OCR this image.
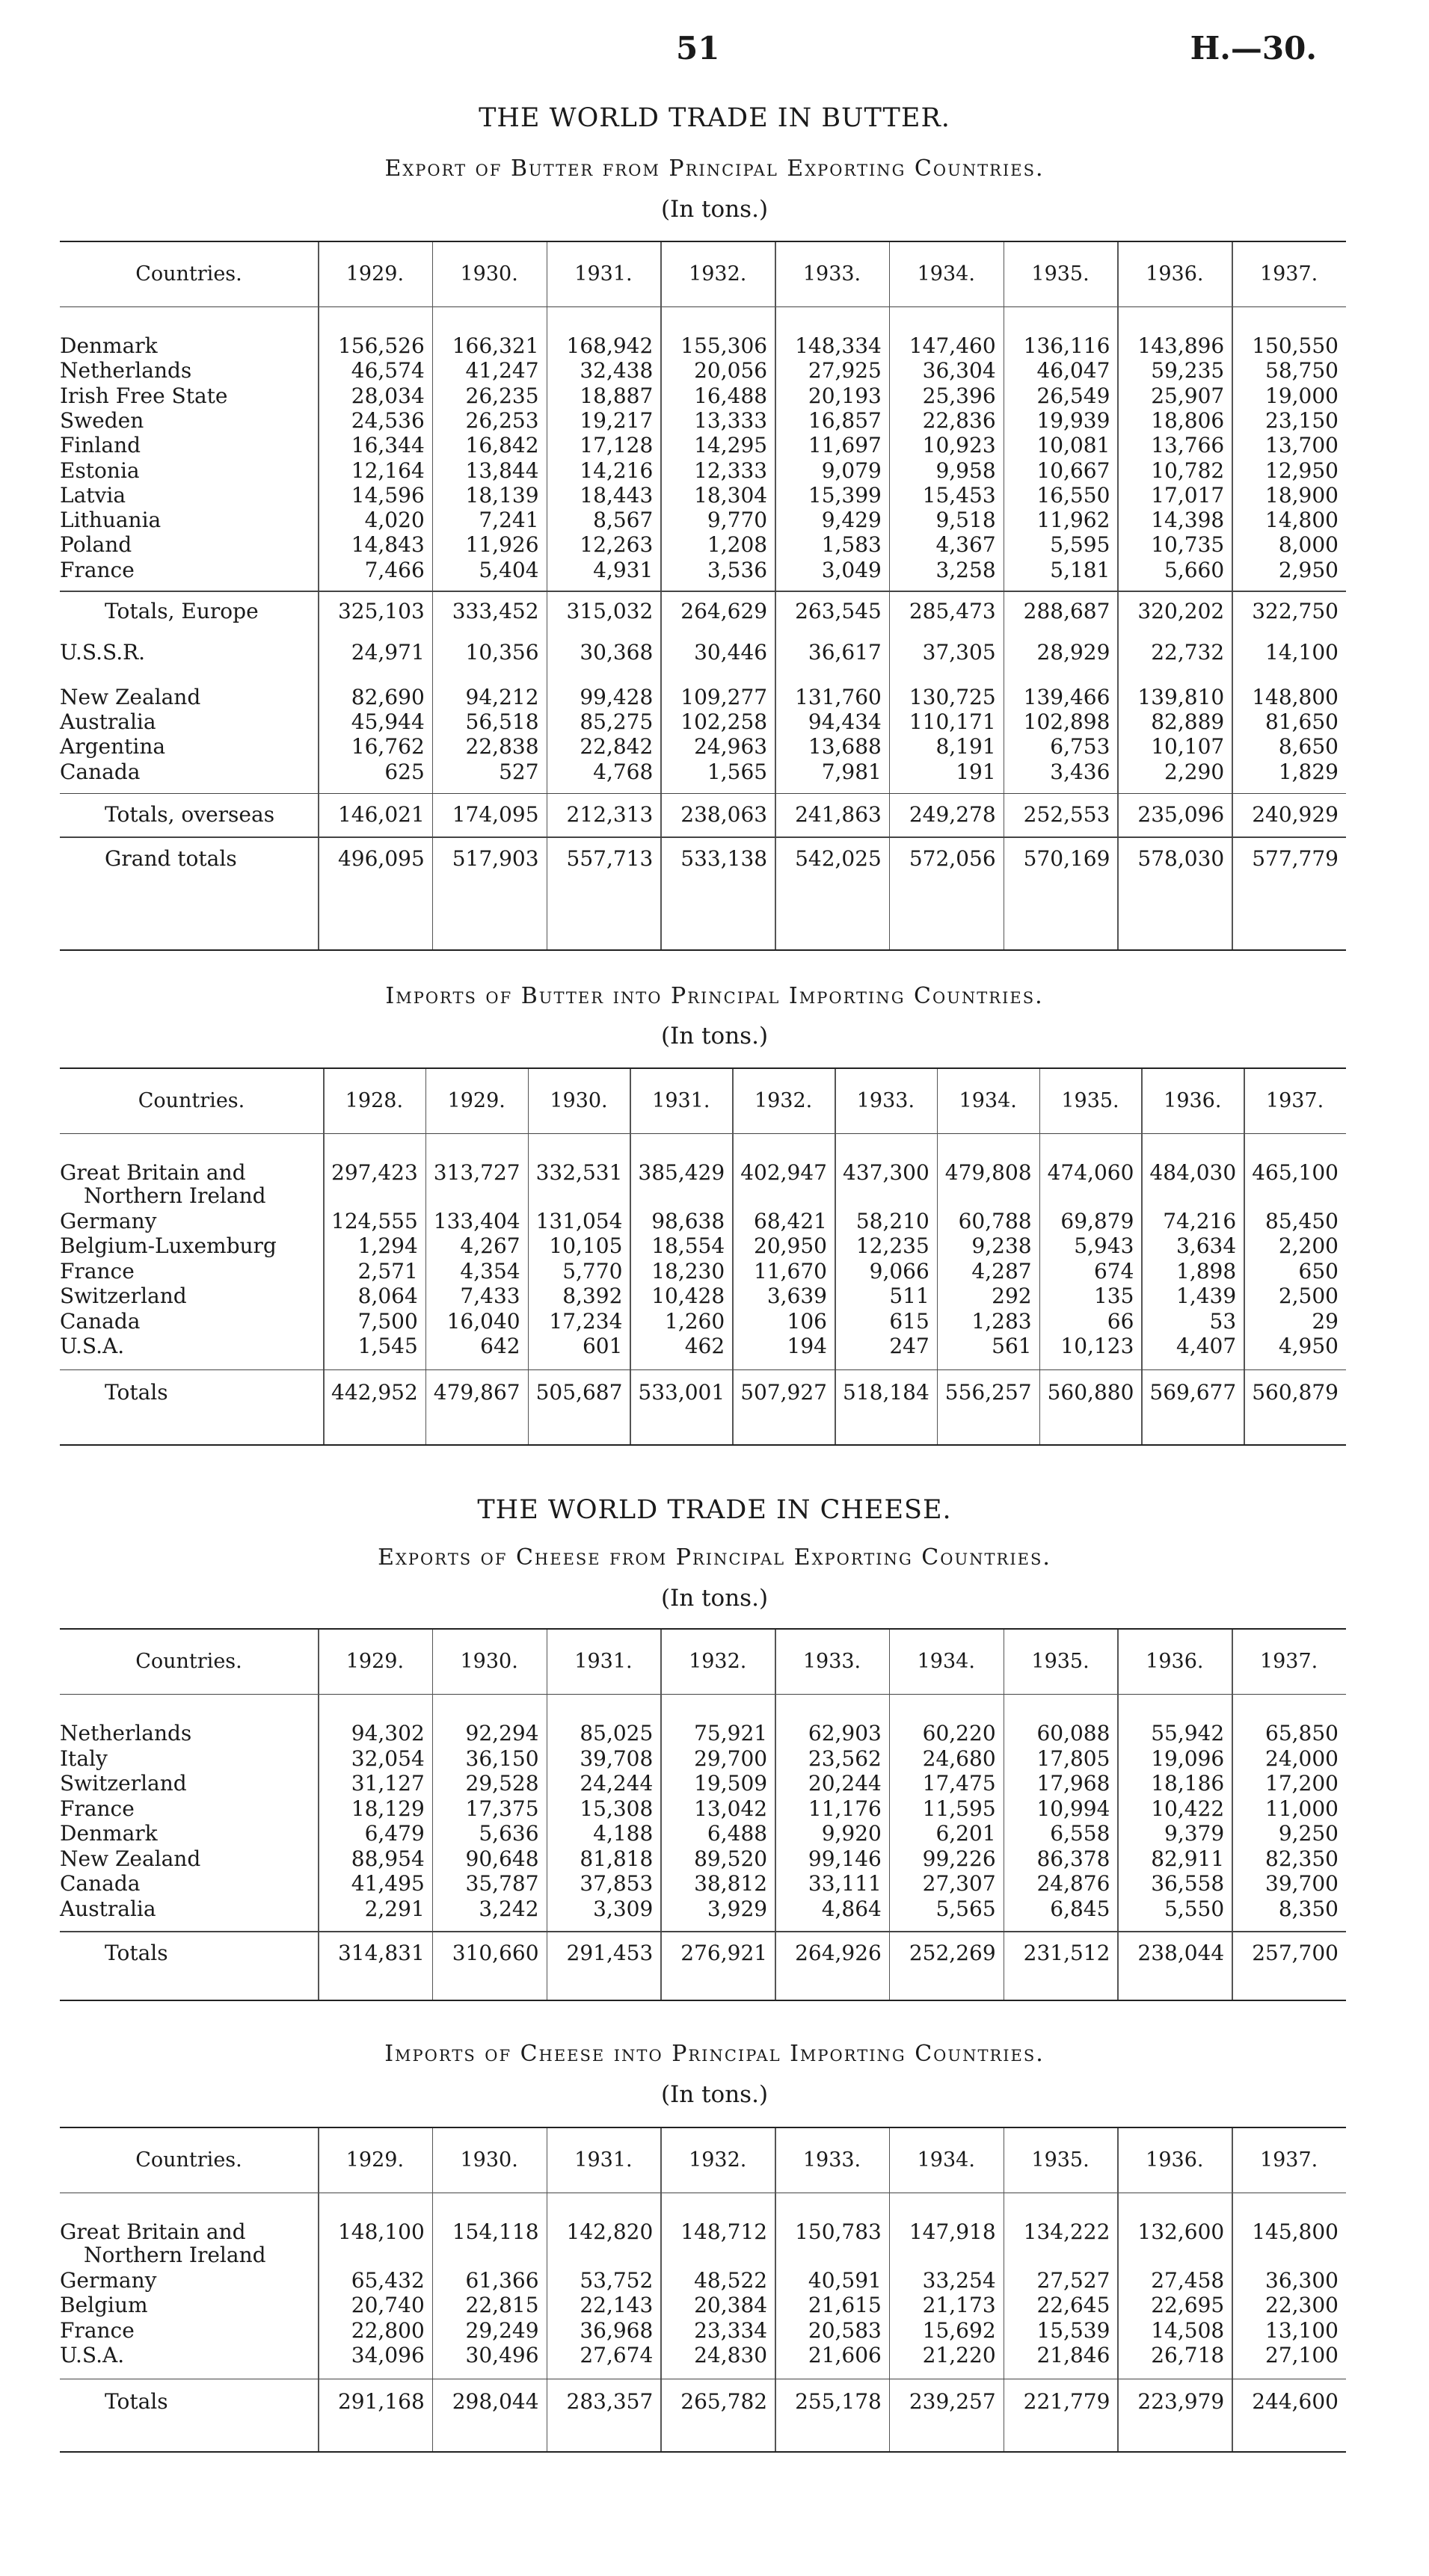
51	H.—30.
THE WORLD TRADE IN BUTTER.
Export of Butter from Principal Exporting Countries.
(In tons.)
Countries.	1929.	1930.	1931.	1932.	1933.	1934.	1935.	1936.	1937.
Denmark	156,526	166,321	168,942	155,306	148,334	147,460	136,116	143,896	150,550
Netherlands	46,574	41,247	32,438	20,056	27,925	36,304	46,047	59,235	58,750
Irish Free State	28,034	26,235	18,887	16,488	20,193	25,396	26,549	25,907	19,000
Sweden	24,536	26,253	19,217	13,333	16,857	22,836	19,939	18,806	23,150
Finland	16,344	16,842	17,128	14,295	11,697	10,923	10,081	13,766	13,700
Estonia	12,164	13,844	14,216	12,333	9,079	9,958	10,667	10,782	12,950
Latvia	14,596	18,139	18,443	18,304	15,399	15,453	16,550	17,017	18,900
Lithuania	4,020	7,241	8,567	9,770	9,429	9,518	11,962	14,398	14,800
Poland	14,843	11,926	12,263	1,208	1,583	4,367	5,595	10,735	8,000
France	7,466	5,404	4,931	3,536	3,049	3,258	5,181	5,660	2,950
Totals, Europe	325,103	333,452	315,032	264,629	263,545	285,473	288,687	320,202	322,750
U.S.S.R.	24,971	10,356	30,368	30,446	36,617	37,305	28,929	22,732	14,100
New Zealand	82,690	94,212	99,428	109,277	131,760	130,725	139,466	139,810	148,800
Australia	45,944	56,518	85,275	102,258	94,434	110,171	102,898	82,889	81,650
Argentina	16,762	22,838	22,842	24,963	13,688	8,191	6,753	10,107	8,650
Canada	625	527	4,768	1,565	7,981	191	3,436	2,290	1,829
Totals, overseas	146,021	174,095	212,313	238,063	241,863	249,278	252,553	235,096	240,929
Grand totals	496,095	517,903	557,713	533,138	542,025	572,056	570,169	578,030	577,779
Imports of Butter into Principal Importing Countries.
(In tons.)
Countries.	1928.	1929.	1930.	1931.	1932.	1933.	1934.	1935.	1936.	1937.
Great Britain and
Northern Ireland
297,423 313,727 332,531 385,429 402,947 437,300 479,808 474,060 484,030 465,100
Germany	124,555 133,404 131,054	98,638	68,421	58,210	60,788	69,879	74,216	85,450
Belgium-Luxemburg	1,294	4,267	10,105	18,554	20,950	12,235	9,238	5,943	3,634	2,200
France	2,571	4,354	5,770	18,230	11,670	9,066	4,287	674	1,898	650
Switzerland	8,064	7,433	8,392	10,428	3,639	511	292	135	1,439	2,500
Canada	7,500	16,040	17,234	1,260	106	615	1,283	66	53	29
U.S.A.	1,545	642	601	462	194	247	561	10,123	4,407	4,950
Totals	442,952 479,867 505,687 533,001 507,927 518,184 556,257 560,880 569,677 560,879
THE WORLD TRADE IN CHEESE.
Exports of Cheese from Principal Exporting Countries.
(In tons.)
Countries.	1929.	1930.	1931.	1932.	1933.	1934.	1935.	1936.	1937.
Netherlands	94,302	92,294	85,025	75,921	62,903	60,220	60,088	55,942	65,850
Italy	32,054	36,150	39,708	29,700	23,562	24,680	17,805	19,096	24,000
Switzerland	31,127	29,528	24,244	19,509	20,244	17,475	17,968	18,186	17,200
France	18,129	17,375	15,308	13,042	11,176	11,595	10,994	10,422	11,000
Denmark	6,479	5,636	4,188	6,488	9,920	6,201	6,558	9,379	9,250
New Zealand	88,954	90,648	81,818	89,520	99,146	99,226	86,378	82,911	82,350
Canada	41,495	35,787	37,853	38,812	33,111	27,307	24,876	36,558	39,700
Australia	2,291	3,242	3,309	3,929	4,864	5,565	6,845	5,550	8,350
Totals	314,831	310,660	291,453	276,921	264,926	252,269	231,512	238,044	257,700
Imports of Cheese into Principal Importing Countries.
(In tons.)
Countries.	1929.	1930.	1931.	1932.	1933.	1934.	1935.	1936.	1937.
Great Britain and
Northern Ireland
148,100	154,118	142,820	148,712	150,783	147,918	134,222	132,600	145,800
Germany	65,432	61,366	53,752	48,522	40,591	33,254	27,527	27,458	36,300
Belgium	20,740	22,815	22,143	20,384	21,615	21,173	22,645	22,695	22,300
France	22,800	29,249	36,968	23,334	20,583	15,692	15,539	14,508	13,100
U.S.A.	34,096	30,496	27,674	24,830	21,606	21,220	21,846	26,718	27,100
Totals	291,168	298,044	283,357	265,782	255,178	239,257	221,779	223,979	244,600
